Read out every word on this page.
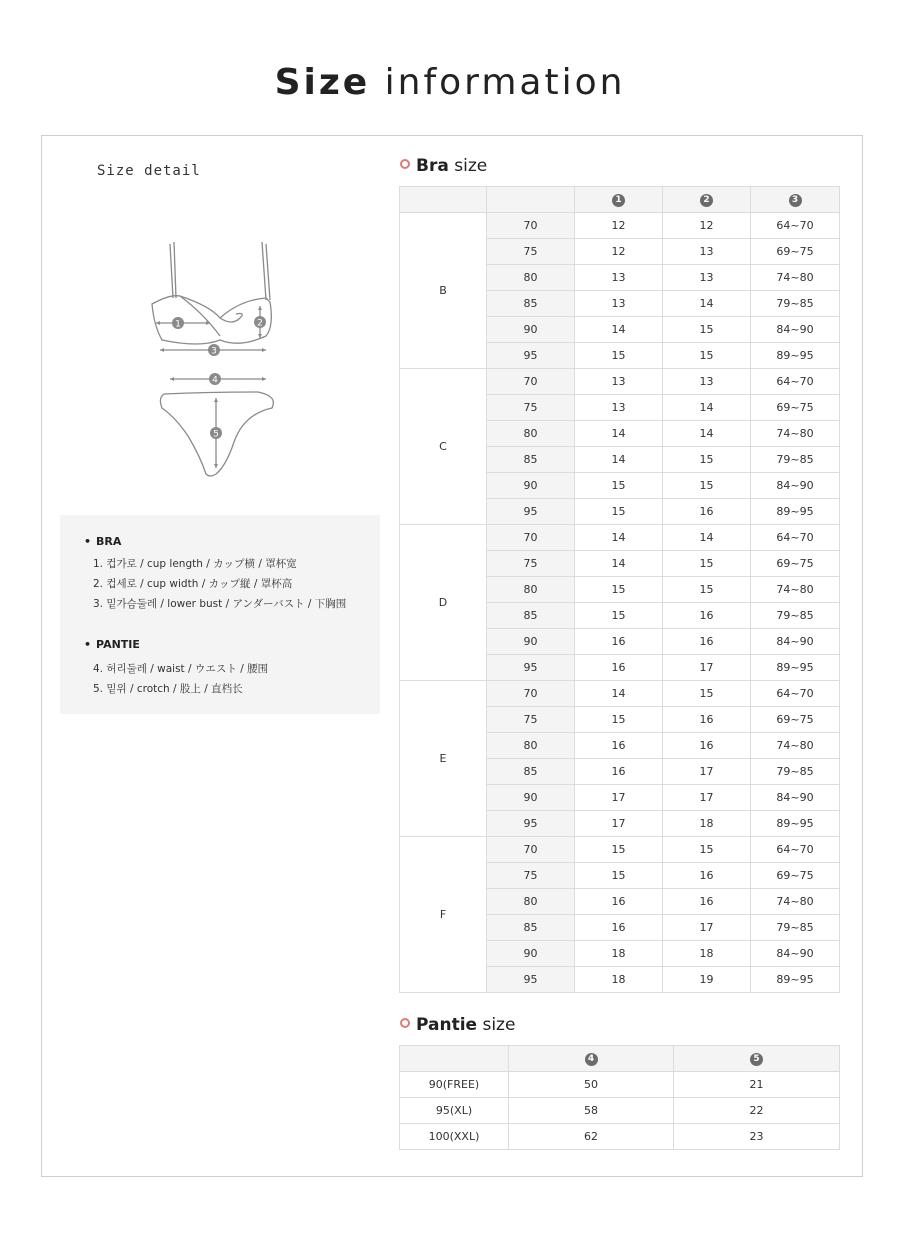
Size information
Size detail
1	2
3
4
5
• BRA
1. 컵가로 / cup length / カップ横 / 罩杯宽
2. 컵세로 / cup width / カップ縦 / 罩杯高
3. 밑가슴둘레 / lower bust / アンダーバスト / 下胸围
• PANTIE
4. 허리둘레 / waist / ウエスト / 腰围
5. 밑위 / crotch / 股上 / 直档长
Bra size
		1	2	3
B	70	12	12	64~70
	75	12	13	69~75
	80	13	13	74~80
	85	13	14	79~85
	90	14	15	84~90
	95	15	15	89~95
C	70	13	13	64~70
	75	13	14	69~75
	80	14	14	74~80
	85	14	15	79~85
	90	15	15	84~90
	95	15	16	89~95
D	70	14	14	64~70
	75	14	15	69~75
	80	15	15	74~80
	85	15	16	79~85
	90	16	16	84~90
	95	16	17	89~95
E	70	14	15	64~70
	75	15	16	69~75
	80	16	16	74~80
	85	16	17	79~85
	90	17	17	84~90
	95	17	18	89~95
F	70	15	15	64~70
	75	15	16	69~75
	80	16	16	74~80
	85	16	17	79~85
	90	18	18	84~90
	95	18	19	89~95
Pantie size
	4	5
90(FREE)	50	21
95(XL)	58	22
100(XXL)	62	23
